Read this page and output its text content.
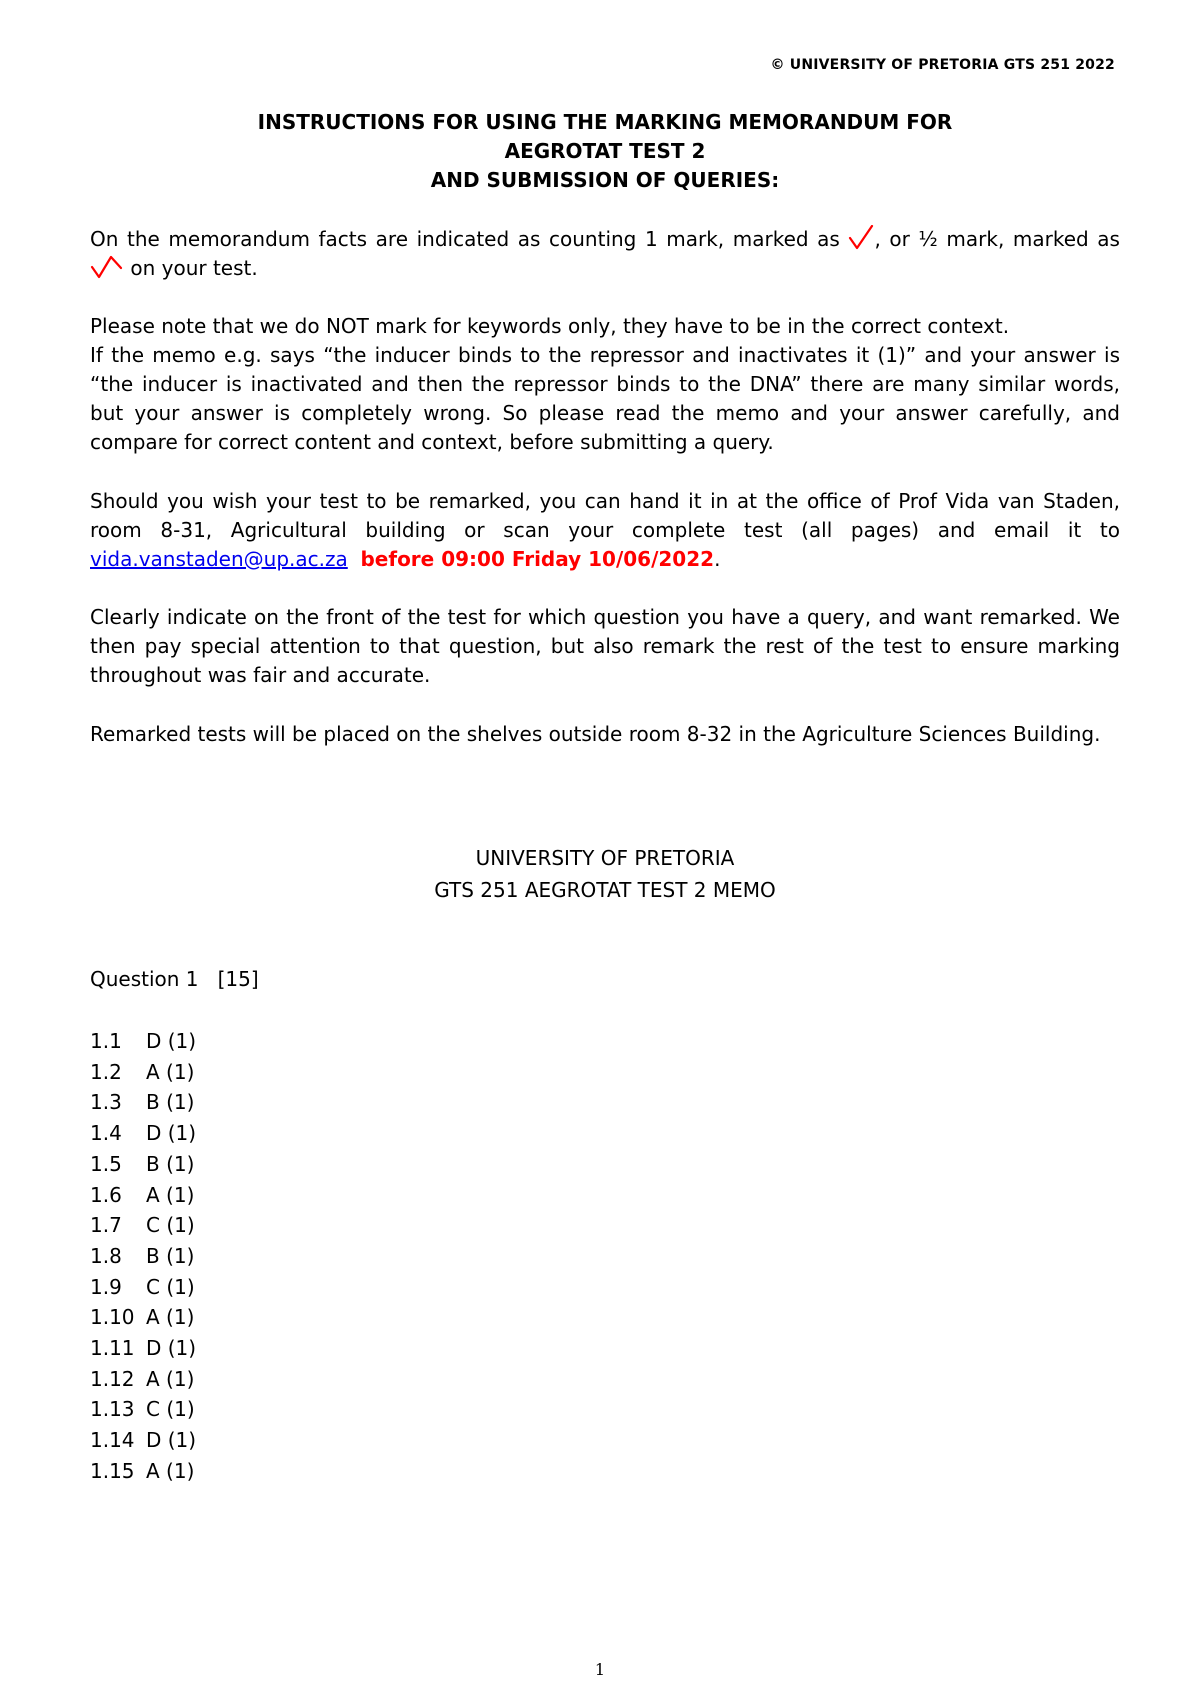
© UNIVERSITY OF PRETORIA GTS 251 2022
INSTRUCTIONS FOR USING THE MARKING MEMORANDUM FOR
AEGROTAT TEST 2
AND SUBMISSION OF QUERIES:
On the memorandum facts are indicated as counting 1 mark, marked as , or ½ mark, marked as  on your test.
Please note that we do NOT mark for keywords only, they have to be in the correct context.
If the memo e.g. says “the inducer binds to the repressor and inactivates it (1)” and your answer is “the inducer is inactivated and then the repressor binds to the DNA” there are many similar words, but your answer is completely wrong. So please read the memo and your answer carefully, and compare for correct content and context, before submitting a query.
Should you wish your test to be remarked, you can hand it in at the office of Prof Vida van Staden, room 8-31, Agricultural building or scan your complete test (all pages) and email it to vida.vanstaden@up.ac.za before 09:00 Friday 10/06/2022.
Clearly indicate on the front of the test for which question you have a query, and want remarked. We then pay special attention to that question, but also remark the rest of the test to ensure marking throughout was fair and accurate.
Remarked tests will be placed on the shelves outside room 8-32 in the Agriculture Sciences Building.
UNIVERSITY OF PRETORIA
GTS 251 AEGROTAT TEST 2 MEMO
Question 1   [15]
1.1 D (1)
1.2 A (1)
1.3 B (1)
1.4 D (1)
1.5 B (1)
1.6 A (1)
1.7 C (1)
1.8 B (1)
1.9 C (1)
1.10 A (1)
1.11 D (1)
1.12 A (1)
1.13 C (1)
1.14 D (1)
1.15 A (1)
1
